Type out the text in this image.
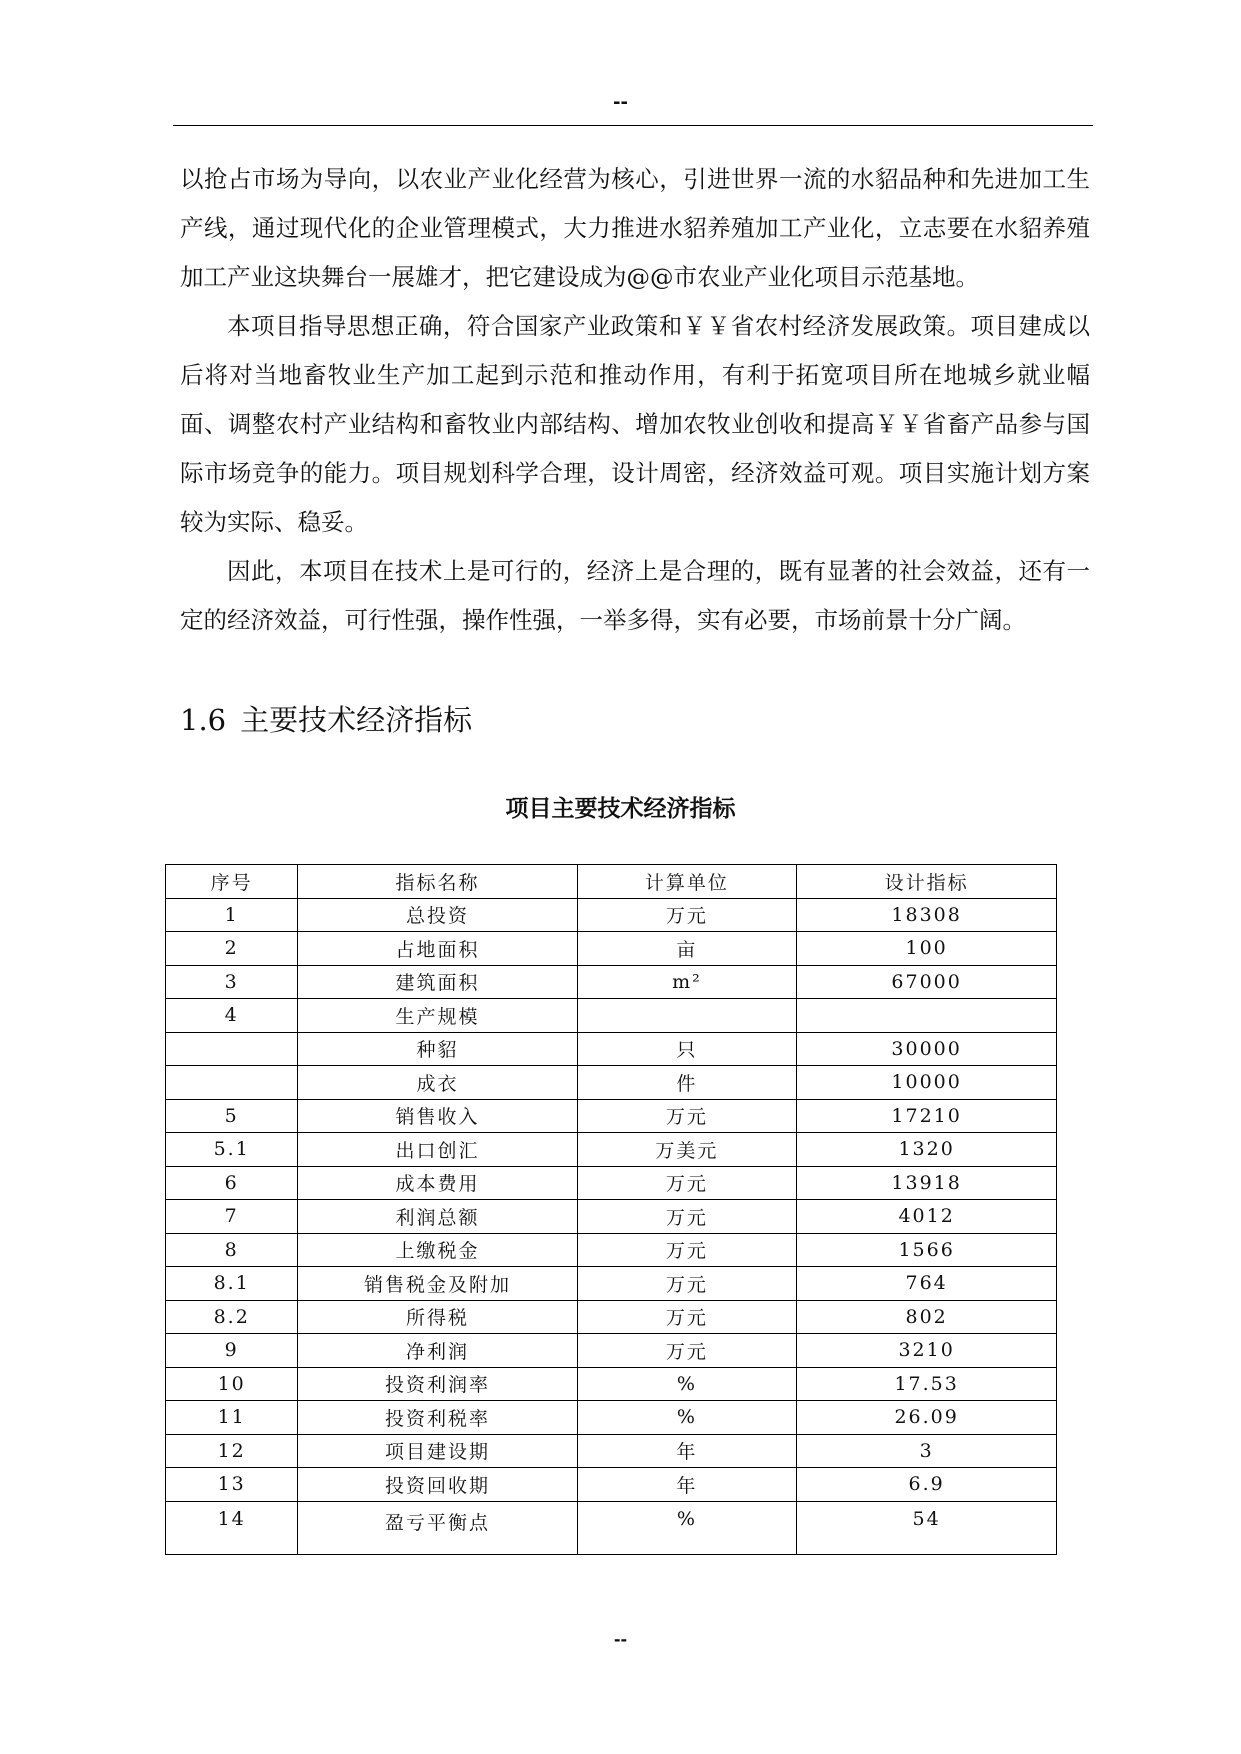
--

以抢占市场为导向，以农业产业化经营为核心，引进世界一流的水貂品种和先进加工生产线，通过现代化的企业管理模式，大力推进水貂养殖加工产业化，立志要在水貂养殖加工产业这块舞台一展雄才，把它建设成为@@市农业产业化项目示范基地。

本项目指导思想正确，符合国家产业政策和￥￥省农村经济发展政策。项目建成以后将对当地畜牧业生产加工起到示范和推动作用，有利于拓宽项目所在地城乡就业幅面、调整农村产业结构和畜牧业内部结构、增加农牧业创收和提高￥￥省畜产品参与国际市场竞争的能力。项目规划科学合理，设计周密，经济效益可观。项目实施计划方案较为实际、稳妥。

因此，本项目在技术上是可行的，经济上是合理的，既有显著的社会效益，还有一定的经济效益，可行性强，操作性强，一举多得，实有必要，市场前景十分广阔。

1.6 主要技术经济指标
项目主要技术经济指标
序号	指标名称	计算单位	设计指标
1	总投资	万元	18308
2	占地面积	亩	100
3	建筑面积	m²	67000
4	生产规模		
	种貂	只	30000
	成衣	件	10000
5	销售收入	万元	17210
5.1	出口创汇	万美元	1320
6	成本费用	万元	13918
7	利润总额	万元	4012
8	上缴税金	万元	1566
8.1	销售税金及附加	万元	764
8.2	所得税	万元	802
9	净利润	万元	3210
10	投资利润率	%	17.53
11	投资利税率	%	26.09
12	项目建设期	年	3
13	投资回收期	年	6.9
14	盈亏平衡点	%	54
--
